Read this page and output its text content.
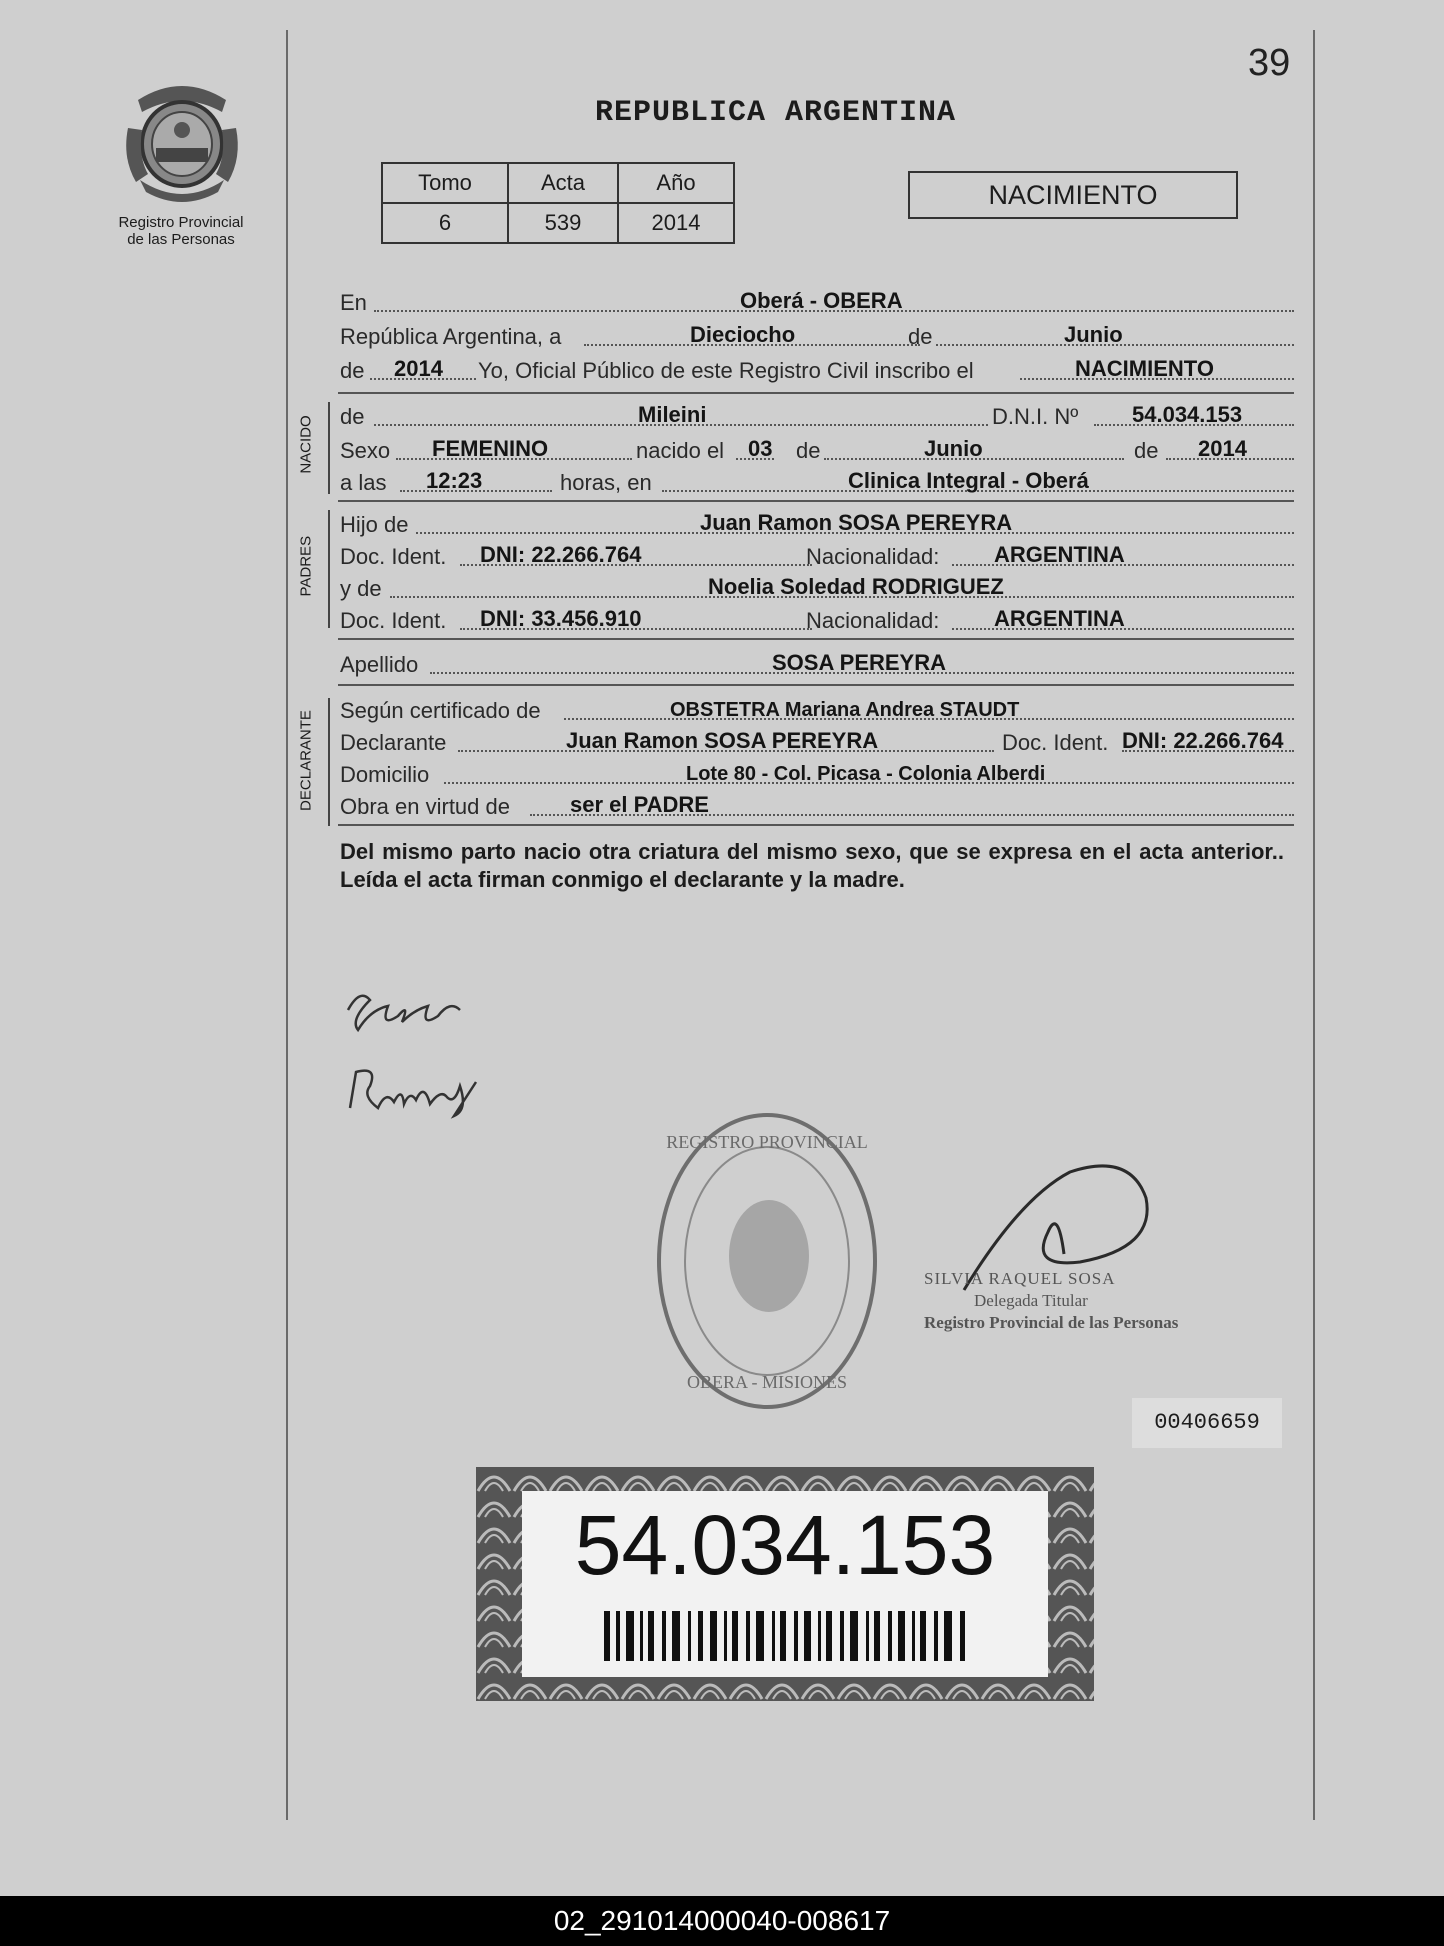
39
REPUBLICA ARGENTINA
Registro Provincial
de las Personas
Tomo	Acta	Año
6	539	2014
NACIMIENTO
En	Oberá - OBERA
República Argentina, a	Dieciocho	de	Junio
de 2014 Yo, Oficial Público de este Registro Civil inscribo el	NACIMIENTO
NACIDO de	Mileini	D.N.I. Nº 54.034.153
Sexo FEMENINO	nacido el 03 de	Junio	de 2014
a las 12:23	horas, en	Clinica Integral - Oberá
PADRES
Hijo de	Juan Ramon SOSA PEREYRA
Doc. Ident. DNI: 22.266.764	Nacionalidad: ARGENTINA
y de	Noelia Soledad RODRIGUEZ
Doc. Ident. DNI: 33.456.910	Nacionalidad: ARGENTINA
Apellido	SOSA PEREYRA
DECLARANTE Según certificado de	OBSTETRA Mariana Andrea STAUDT
Declarante	Juan Ramon SOSA PEREYRA	Doc. Ident. DNI: 22.266.764
Domicilio	Lote 80 - Col. Picasa - Colonia Alberdi
Obra en virtud de	ser el PADRE
Del mismo parto nacio otra criatura del mismo sexo, que se expresa en el acta anterior.. Leída el acta firman conmigo el declarante y la madre.
REGISTRO PROVINCIAL
OBERA - MISIONES
SILVIA RAQUEL SOSA
Delegada Titular
Registro Provincial de las Personas
00406659
54.034.153
02_291014000040-008617
